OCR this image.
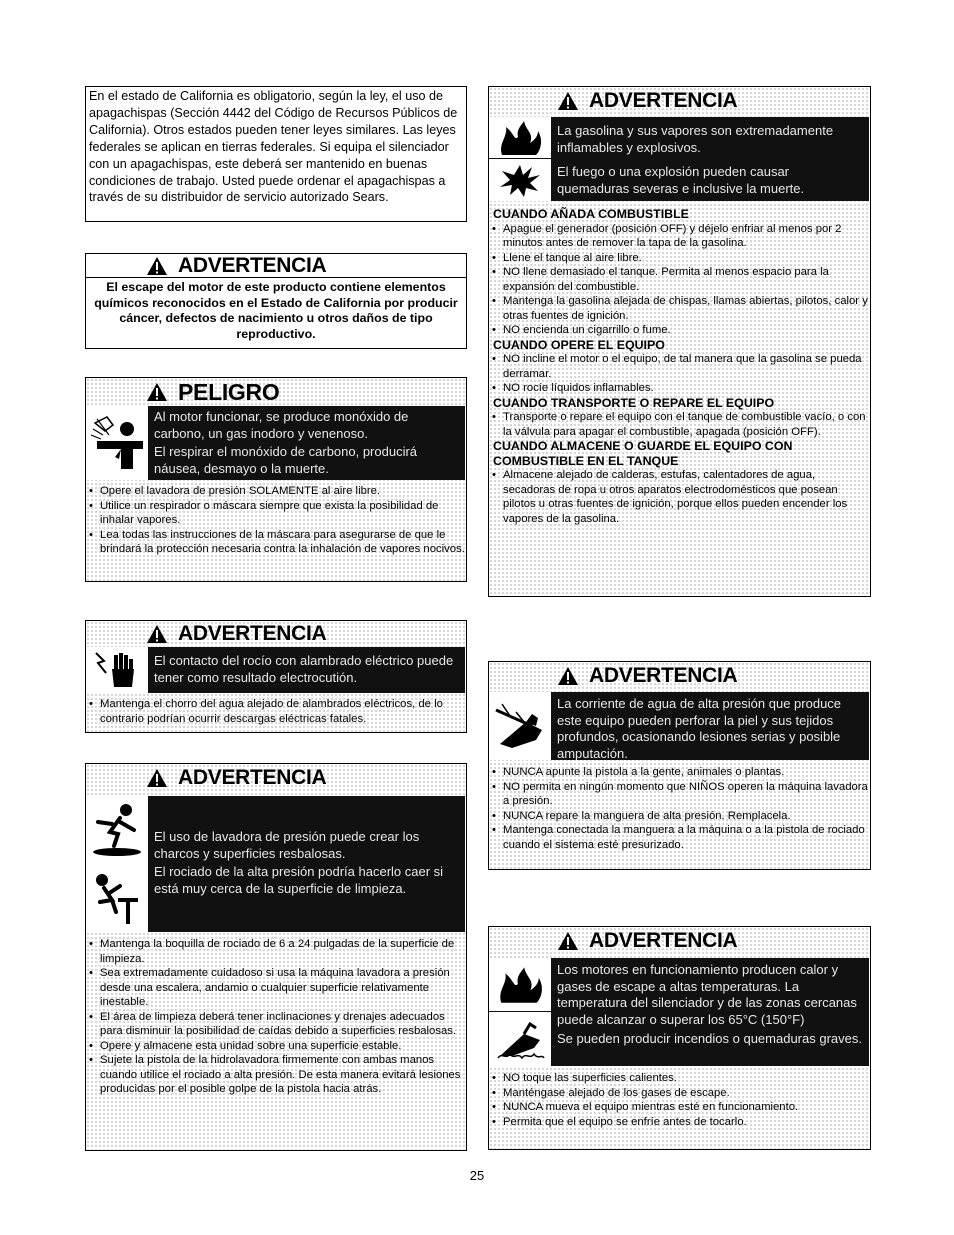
En el estado de California es obligatorio, según la ley, el uso de apagachispas (Sección 4442 del Código de Recursos Públicos de California). Otros estados pueden tener leyes similares. Las leyes federales se aplican en tierras federales. Si equipa el silenciador con un apagachispas, este deberá ser mantenido en buenas condiciones de trabajo. Usted puede ordenar el apagachispas a través de su distribuidor de servicio autorizado Sears.
ADVERTENCIA
El escape del motor de este producto contiene elementos químicos reconocidos en el Estado de California por producir cáncer, defectos de nacimiento u otros daños de tipo reproductivo.
PELIGRO
Al motor funcionar, se produce monóxido de carbono, un gas inodoro y venenoso.
El respirar el monóxido de carbono, producirá náusea, desmayo o la muerte.
• Opere el lavadora de presión SOLAMENTE al aire libre.
• Utilice un respirador o máscara siempre que exista la posibilidad de inhalar vapores.
• Lea todas las instrucciones de la máscara para asegurarse de que le brindará la protección necesaria contra la inhalación de vapores nocivos.
ADVERTENCIA
El contacto del rocío con alambrado eléctrico puede tener como resultado electrocutión.
• Mantenga el chorro del agua alejado de alambrados eléctricos, de lo contrario podrían ocurrir descargas eléctricas fatales.
ADVERTENCIA
El uso de lavadora de presión puede crear los charcos y superficies resbalosas.
El rociado de la alta presión podría hacerlo caer si está muy cerca de la superficie de limpieza.
• Mantenga la boquilla de rociado de 6 a 24 pulgadas de la superficie de limpieza.
• Sea extremadamente cuidadoso si usa la máquina lavadora a presión desde una escalera, andamio o cualquier superficie relativamente inestable.
• El área de limpieza deberá tener inclinaciones y drenajes adecuados para disminuir la posibilidad de caídas debido a superficies resbalosas.
• Opere y almacene esta unidad sobre una superficie estable.
• Sujete la pistola de la hidrolavadora firmemente con ambas manos cuando utilice el rociado a alta presión. De esta manera evitará lesiones producidas por el posible golpe de la pistola hacia atrás.
ADVERTENCIA
La gasolina y sus vapores son extremadamente inflamables y explosivos.
El fuego o una explosión pueden causar quemaduras severas e inclusive la muerte.
CUANDO AÑADA COMBUSTIBLE
• Apague el generador (posición OFF) y déjelo enfriar al menos por 2 minutos antes de remover la tapa de la gasolina.
• Llene el tanque al aire libre.
• NO llene demasiado el tanque. Permita al menos espacio para la expansión del combustible.
• Mantenga la gasolina alejada de chispas, llamas abiertas, pilotos, calor y otras fuentes de ignición.
• NO encienda un cigarrillo o fume.
CUANDO OPERE EL EQUIPO
• NO incline el motor o el equipo, de tal manera que la gasolina se pueda derramar.
• NO rocíe líquidos inflamables.
CUANDO TRANSPORTE O REPARE EL EQUIPO
• Transporte o repare el equipo con el tanque de combustible vacío, o con la válvula para apagar el combustible, apagada (posición OFF).
CUANDO ALMACENE O GUARDE EL EQUIPO CON COMBUSTIBLE EN EL TANQUE
• Almacene alejado de calderas, estufas, calentadores de agua, secadoras de ropa u otros aparatos electrodomésticos que posean pilotos u otras fuentes de ignición, porque ellos pueden encender los vapores de la gasolina.
ADVERTENCIA
La corriente de agua de alta presión que produce este equipo pueden perforar la piel y sus tejidos profundos, ocasionando lesiones serias y posible amputación.
• NUNCA apunte la pistola a la gente, animales o plantas.
• NO permita en ningún momento que NIÑOS operen la máquina lavadora a presión.
• NUNCA repare la manguera de alta presión. Remplacela.
• Mantenga conectada la manguera a la máquina o a la pistola de rociado cuando el sistema esté presurizado.
ADVERTENCIA
Los motores en funcionamiento producen calor y gases de escape a altas temperaturas. La temperatura del silenciador y de las zonas cercanas puede alcanzar o superar los 65°C (150°F)
Se pueden producir incendios o quemaduras graves.
• NO toque las superficies calientes.
• Manténgase alejado de los gases de escape.
• NUNCA mueva el equipo mientras esté en funcionamiento.
• Permita que el equipo se enfríe antes de tocarlo.
25
